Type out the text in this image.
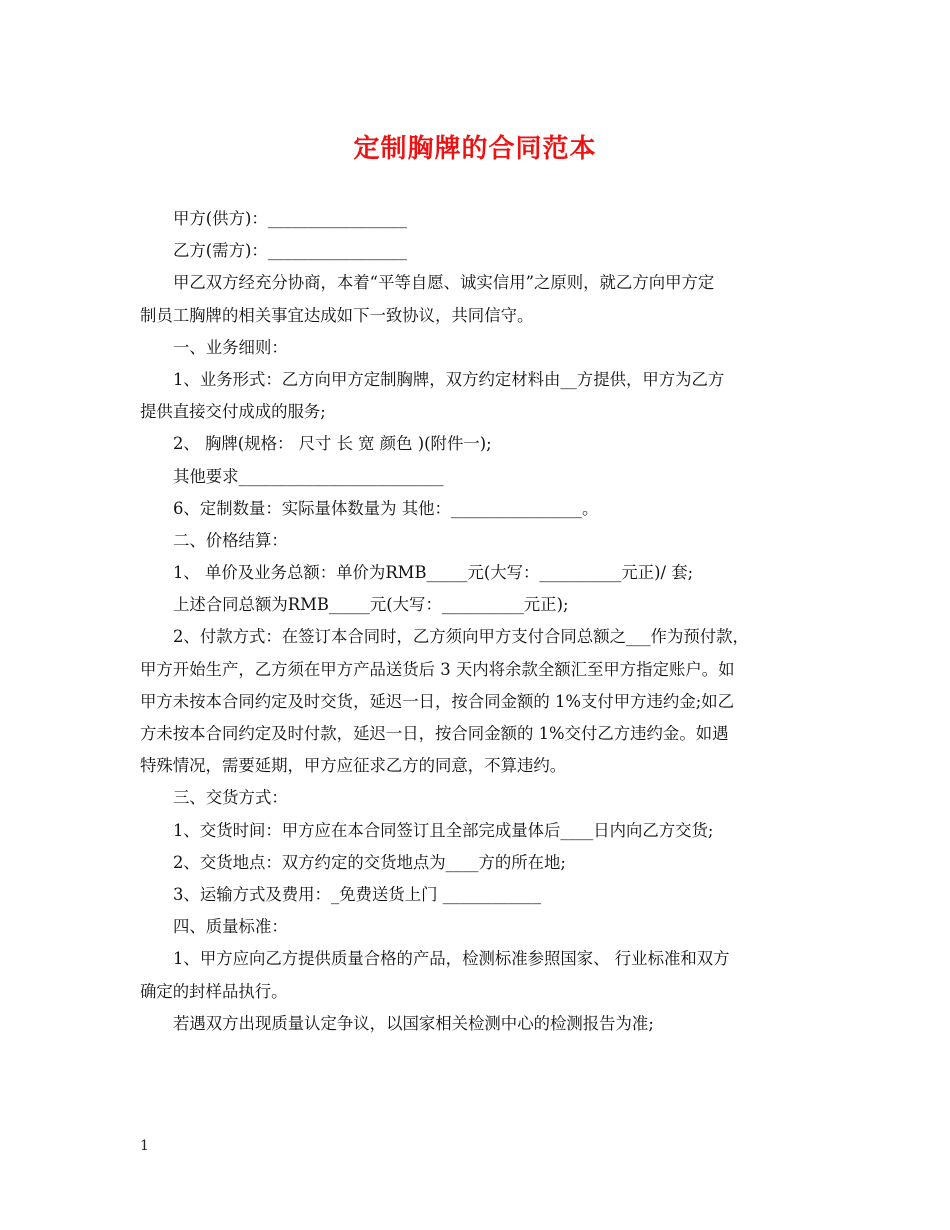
定制胸牌的合同范本
甲方(供方)：_________________
乙方(需方)：_________________
甲乙双方经充分协商，本着“平等自愿、诚实信用”之原则，就乙方向甲方定
制员工胸牌的相关事宜达成如下一致协议，共同信守。
一、业务细则：
1、业务形式：乙方向甲方定制胸牌，双方约定材料由__方提供，甲方为乙方
提供直接交付成成的服务;
2、 胸牌(规格： 尺寸 长 宽 颜色 )(附件一);
其他要求_________________________
6、定制数量：实际量体数量为 其他：________________。
二、价格结算：
1、 单价及业务总额：单价为RMB_____元(大写：__________元正)/ 套;
上述合同总额为RMB_____元(大写：__________元正);
2、付款方式：在签订本合同时，乙方须向甲方支付合同总额之___作为预付款，
甲方开始生产，乙方须在甲方产品送货后 3 天内将余款全额汇至甲方指定账户。如
甲方未按本合同约定及时交货，延迟一日，按合同金额的 1%支付甲方违约金;如乙
方未按本合同约定及时付款，延迟一日，按合同金额的 1%交付乙方违约金。如遇
特殊情况，需要延期，甲方应征求乙方的同意，不算违约。
三、交货方式：
1、交货时间：甲方应在本合同签订且全部完成量体后____日内向乙方交货;
2、交货地点：双方约定的交货地点为____方的所在地;
3、运输方式及费用：_免费送货上门 ____________
四、质量标准：
1、甲方应向乙方提供质量合格的产品，检测标准参照国家、 行业标准和双方
确定的封样品执行。
若遇双方出现质量认定争议，以国家相关检测中心的检测报告为准;
1
